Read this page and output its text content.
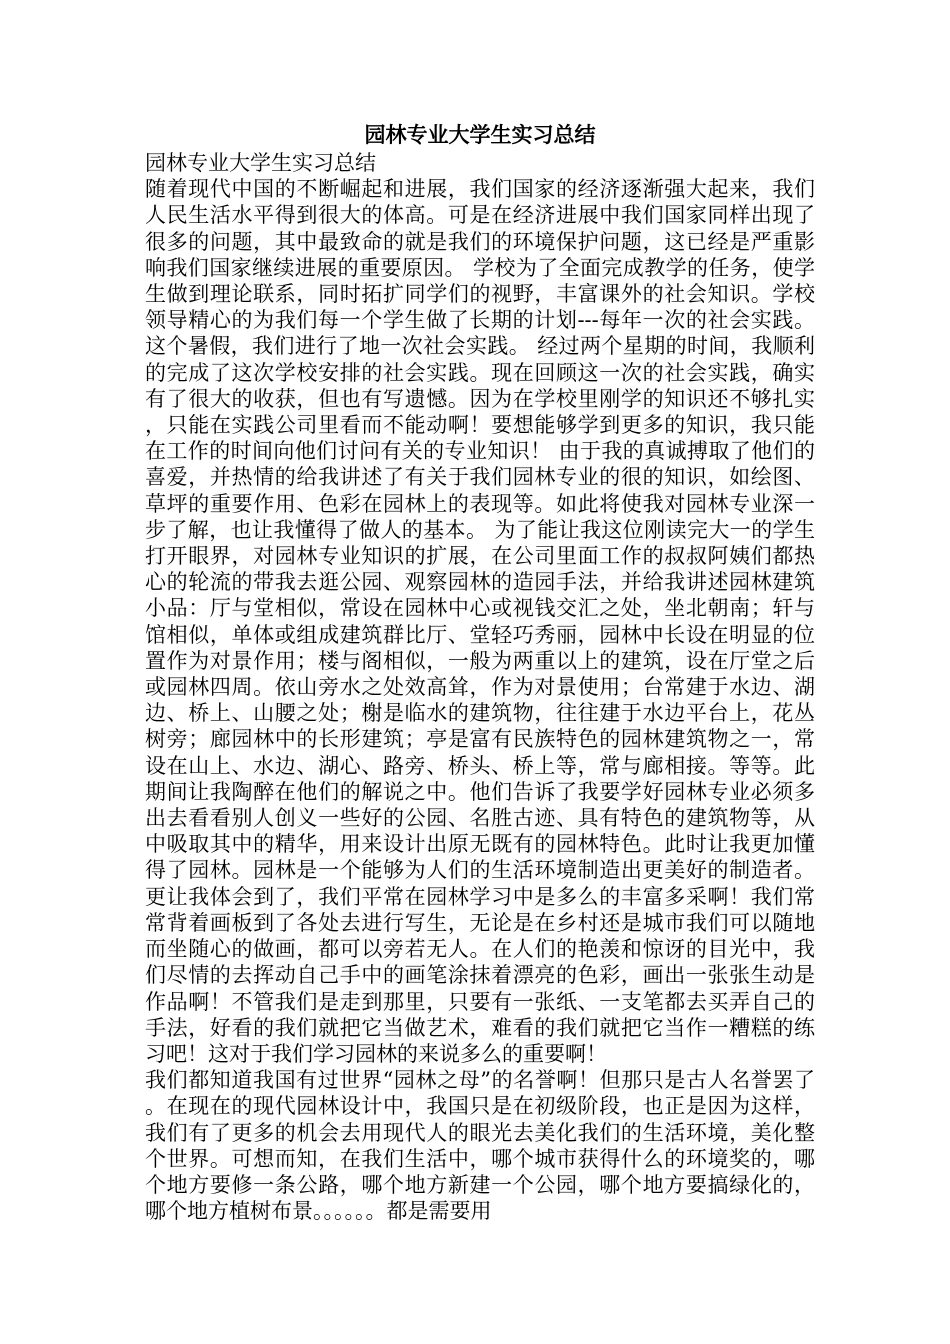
园林专业大学生实习总结

园林专业大学生实习总结

随着现代中国的不断崛起和进展，我们国家的经济逐渐强大起来，我们人民生活水平得到很大的体高。可是在经济进展中我们国家同样出现了很多的问题，其中最致命的就是我们的环境保护问题，这已经是严重影响我们国家继续进展的重要原因。 学校为了全面完成教学的任务，使学生做到理论联系，同时拓扩同学们的视野，丰富课外的社会知识。学校领导精心的为我们每一个学生做了长期的计划---每年一次的社会实践。这个暑假，我们进行了地一次社会实践。 经过两个星期的时间，我顺利的完成了这次学校安排的社会实践。现在回顾这一次的社会实践，确实有了很大的收获，但也有写遗憾。因为在学校里刚学的知识还不够扎实，只能在实践公司里看而不能动啊！要想能够学到更多的知识，我只能在工作的时间向他们讨问有关的专业知识！ 由于我的真诚搏取了他们的喜爱，并热情的给我讲述了有关于我们园林专业的很的知识，如绘图、草坪的重要作用、色彩在园林上的表现等。如此将使我对园林专业深一步了解，也让我懂得了做人的基本。 为了能让我这位刚读完大一的学生打开眼界，对园林专业知识的扩展，在公司里面工作的叔叔阿姨们都热心的轮流的带我去逛公园、观察园林的造园手法，并给我讲述园林建筑小品：厅与堂相似，常设在园林中心或视钱交汇之处，坐北朝南；轩与馆相似，单体或组成建筑群比厅、堂轻巧秀丽，园林中长设在明显的位置作为对景作用；楼与阁相似，一般为两重以上的建筑，设在厅堂之后或园林四周。依山旁水之处效高耸，作为对景使用；台常建于水边、湖边、桥上、山腰之处；榭是临水的建筑物，往往建于水边平台上，花丛树旁；廊园林中的长形建筑；亭是富有民族特色的园林建筑物之一，常设在山上、水边、湖心、路旁、桥头、桥上等，常与廊相接。等等。此期间让我陶醉在他们的解说之中。他们告诉了我要学好园林专业必须多出去看看别人创义一些好的公园、名胜古迹、具有特色的建筑物等，从中吸取其中的精华，用来设计出原无既有的园林特色。此时让我更加懂得了园林。园林是一个能够为人们的生活环境制造出更美好的制造者。 更让我体会到了，我们平常在园林学习中是多么的丰富多采啊！我们常常背着画板到了各处去进行写生，无论是在乡村还是城市我们可以随地而坐随心的做画，都可以旁若无人。在人们的艳羡和惊讶的目光中，我们尽情的去挥动自己手中的画笔涂抹着漂亮的色彩，画出一张张生动是作品啊！不管我们是走到那里，只要有一张纸、一支笔都去买弄自己的手法，好看的我们就把它当做艺术，难看的我们就把它当作一糟糕的练习吧！这对于我们学习园林的来说多么的重要啊！

我们都知道我国有过世界“园林之母”的名誉啊！但那只是古人名誉罢了。在现在的现代园林设计中，我国只是在初级阶段，也正是因为这样，我们有了更多的机会去用现代人的眼光去美化我们的生活环境，美化整个世界。可想而知，在我们生活中，哪个城市获得什么的环境奖的，哪个地方要修一条公路，哪个地方新建一个公园，哪个地方要搞绿化的，哪个地方植树布景。。。。。。都是需要用
